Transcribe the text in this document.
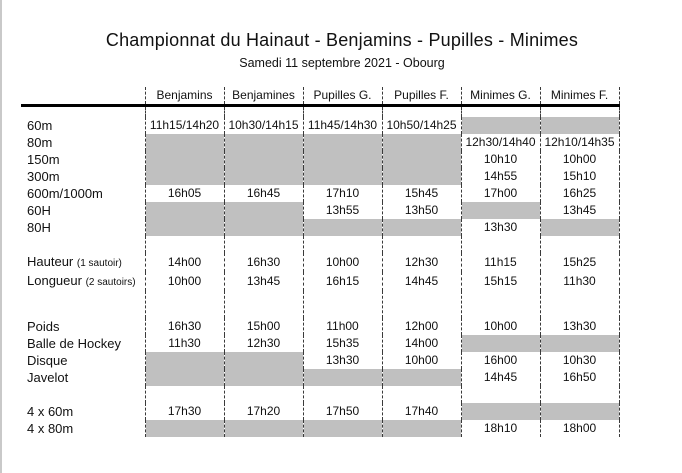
Championnat du Hainaut - Benjamins - Pupilles - Minimes
Samedi 11 septembre 2021 - Obourg
	Benjamins	Benjamines	Pupilles G.	Pupilles F.	Minimes G.	Minimes F.

60m	11h15/14h20	10h30/14h15	11h45/14h30	10h50/14h25		
80m					12h30/14h40	12h10/14h35
150m					10h10	10h00
300m					14h55	15h10
600m/1000m	16h05	16h45	17h10	15h45	17h00	16h25
60H			13h55	13h50		13h45
80H					13h30	

Hauteur (1 sautoir)	14h00	16h30	10h00	12h30	11h15	15h25
Longueur (2 sautoirs)	10h00	13h45	16h15	14h45	15h15	11h30

Poids	16h30	15h00	11h00	12h00	10h00	13h30
Balle de Hockey	11h30	12h30	15h35	14h00		
Disque			13h30	10h00	16h00	10h30
Javelot					14h45	16h50

4 x 60m	17h30	17h20	17h50	17h40		
4 x 80m					18h10	18h00
